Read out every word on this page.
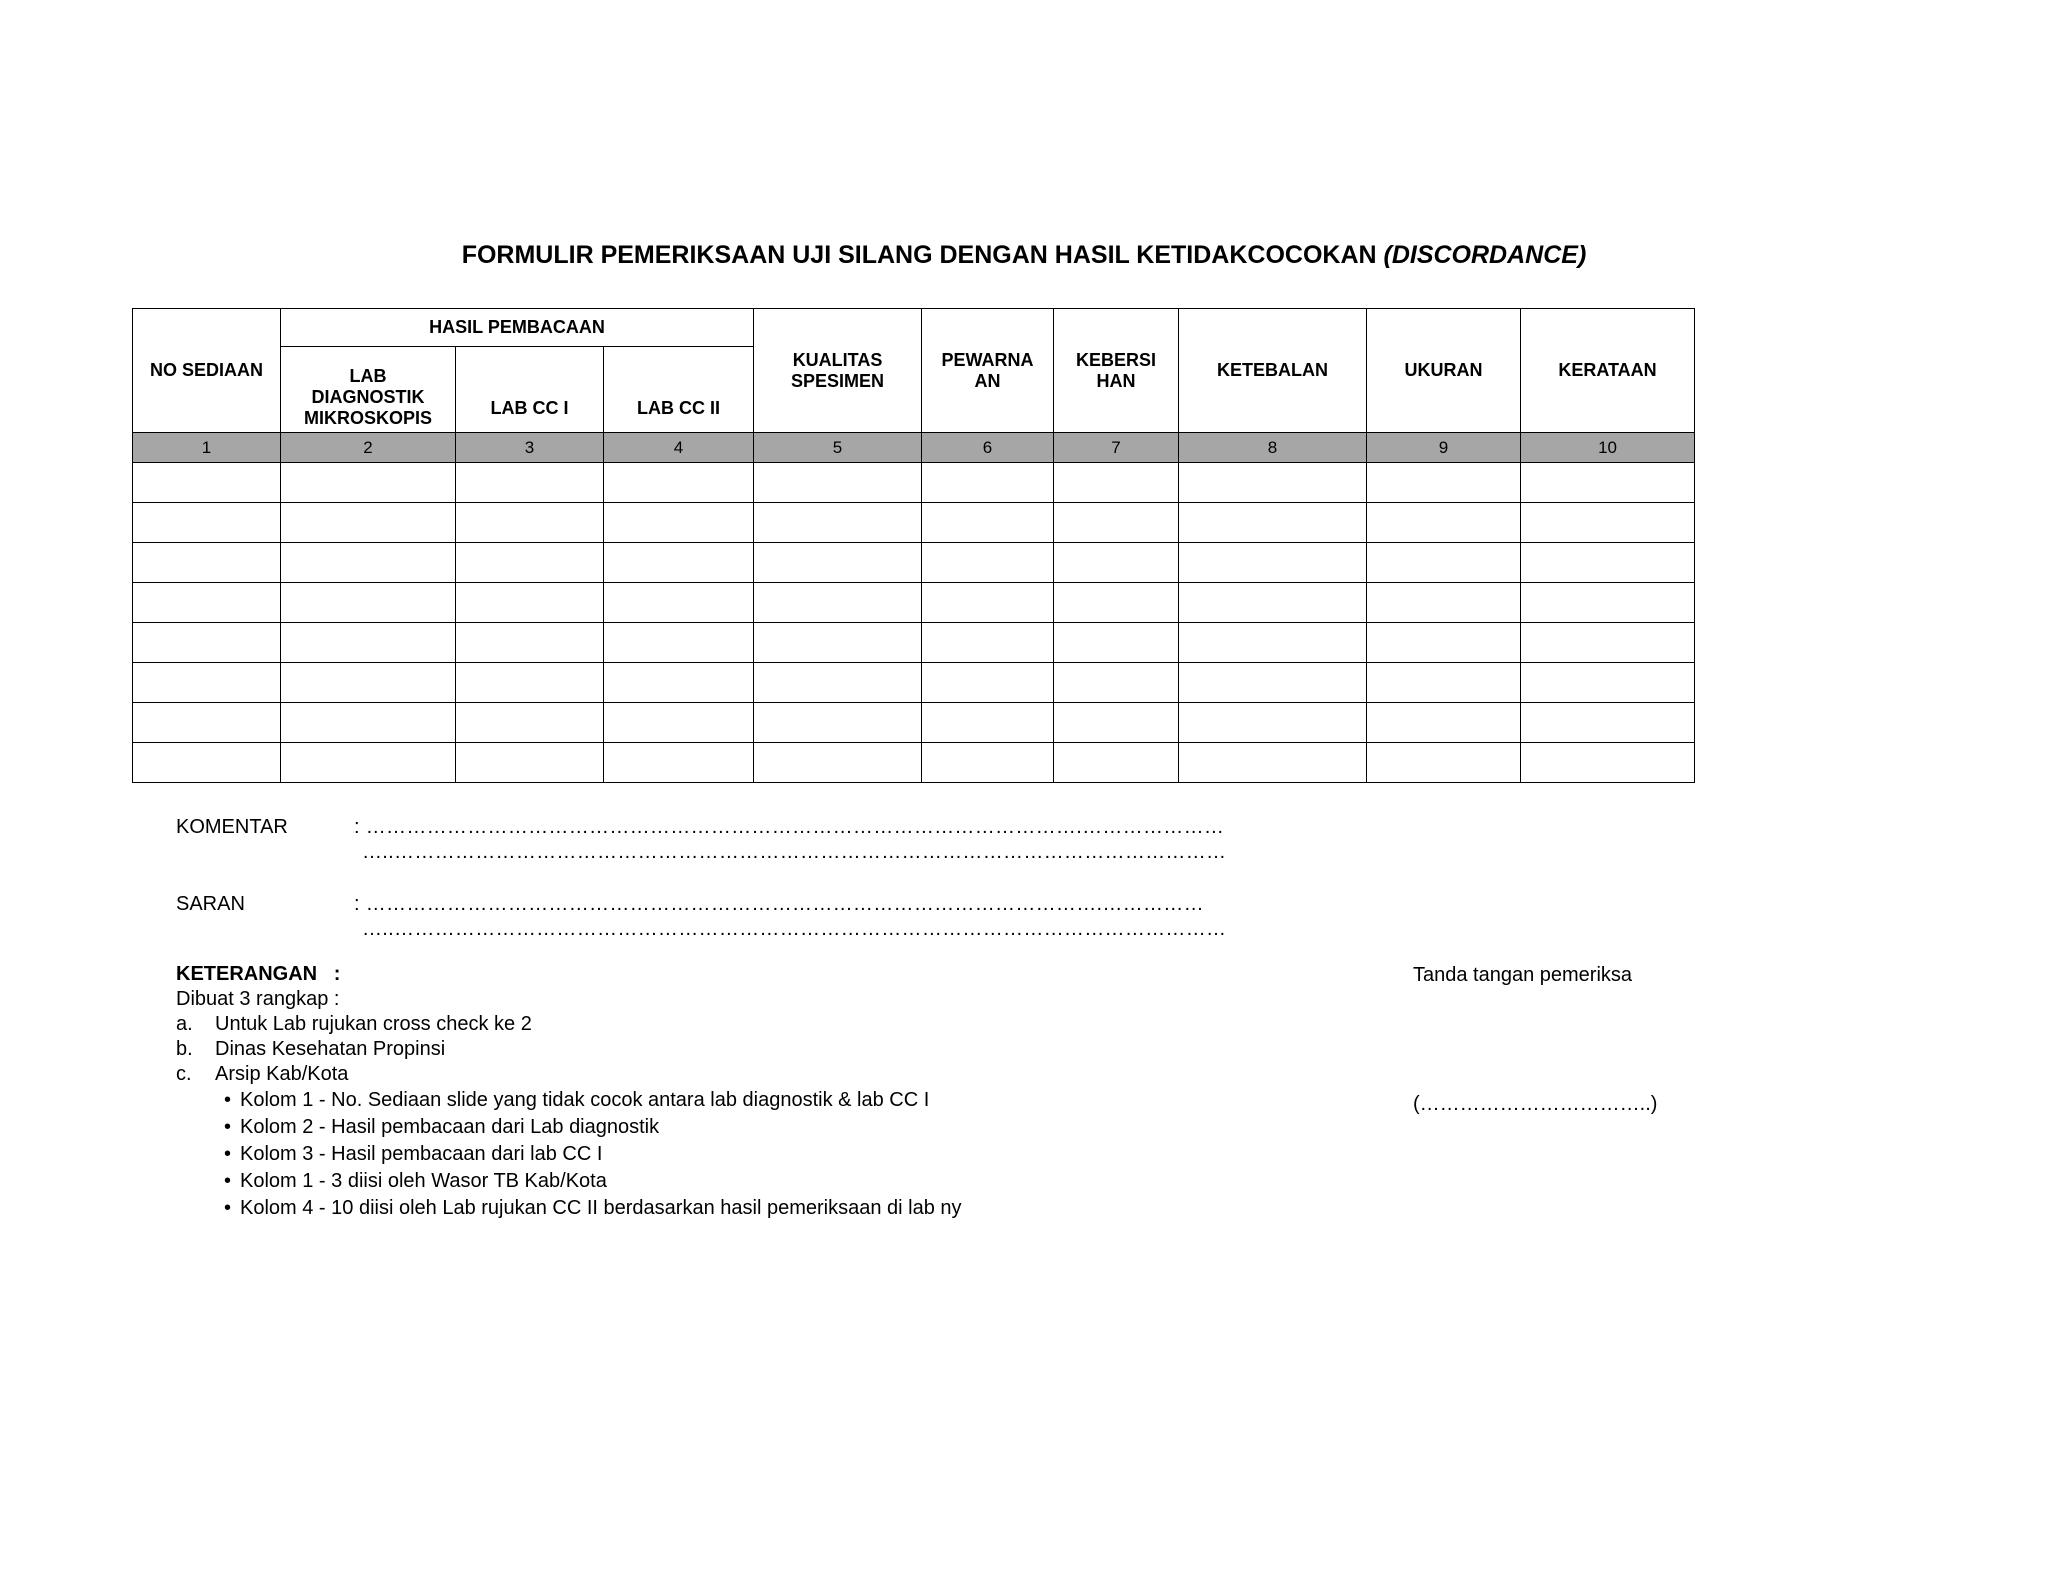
FORMULIR PEMERIKSAAN UJI SILANG DENGAN HASIL KETIDAKCOCOKAN (DISCORDANCE)
NO SEDIAAN	HASIL PEMBACAAN			KUALITAS SPESIMEN	PEWARNA AN	KEBERSI HAN	KETEBALAN	UKURAN	KERATAAN
	LAB DIAGNOSTIK MIKROSKOPIS	LAB CC I	LAB CC II						
1	2	3	4	5	6	7	8	9	10

KOMENTAR	: …………………………………………………………………………………………….…………………
…..……………………………………………………………………………………………………………
SARAN	: ……………………………………………………………………………………………….……………
…..……………………………………………………………………………………………………………
KETERANGAN   :
Dibuat 3 rangkap :
a. Untuk Lab rujukan cross check ke 2
b. Dinas Kesehatan Propinsi
c. Arsip Kab/Kota
• Kolom 1 - No. Sediaan slide yang tidak cocok antara lab diagnostik & lab CC I
• Kolom 2 - Hasil pembacaan dari Lab diagnostik
• Kolom 3 - Hasil pembacaan dari lab CC I
• Kolom 1 - 3 diisi oleh Wasor TB Kab/Kota
• Kolom 4 - 10 diisi oleh Lab rujukan CC II berdasarkan hasil pemeriksaan di lab ny
Tanda tangan pemeriksa
(……………………………..)
